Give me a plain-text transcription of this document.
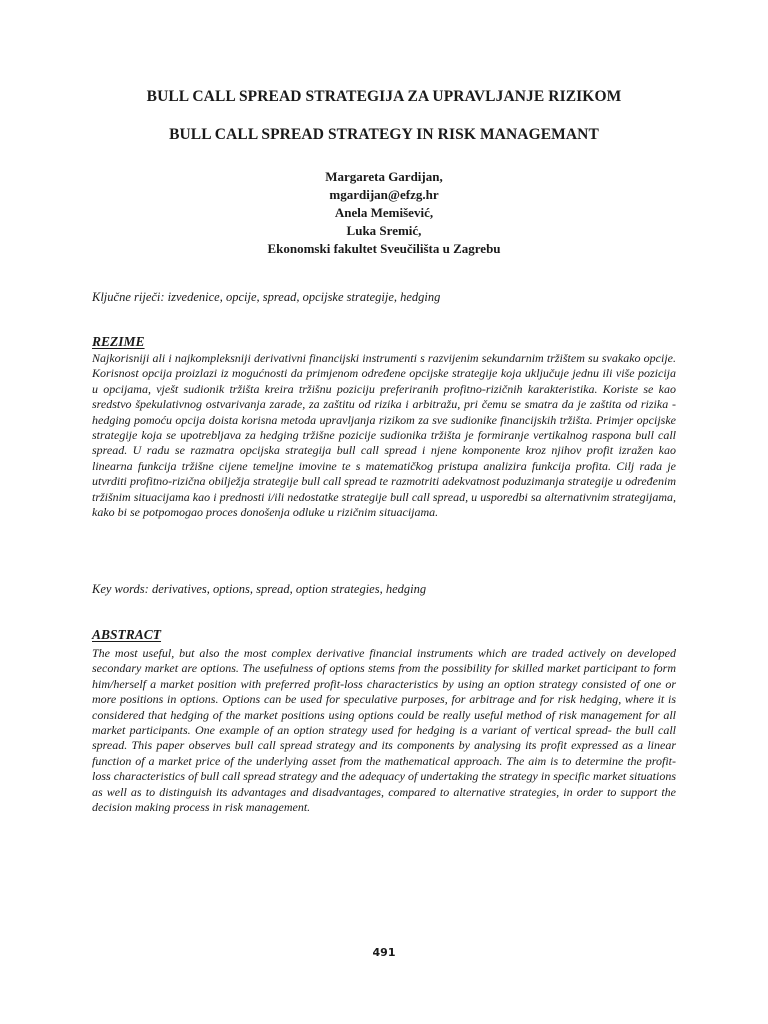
BULL CALL SPREAD STRATEGIJA ZA UPRAVLJANJE RIZIKOM
BULL CALL SPREAD STRATEGY IN RISK MANAGEMANT
Margareta Gardijan,
mgardijan@efzg.hr
Anela Memišević,
Luka Sremić,
Ekonomski fakultet Sveučilišta u Zagrebu
Ključne riječi: izvedenice, opcije, spread, opcijske strategije, hedging
REZIME

Najkorisniji ali i najkompleksniji derivativni financijski instrumenti s razvijenim sekundarnim tržištem su svakako opcije. Korisnost opcija proizlazi iz mogućnosti da primjenom određene opcijske strategije koja uključuje jednu ili više pozicija u opcijama, vješt sudionik tržišta kreira tržišnu poziciju preferiranih profitno-rizičnih karakteristika. Koriste se kao sredstvo špekulativnog ostvarivanja zarade, za zaštitu od rizika i arbitražu, pri čemu se smatra da je zaštita od rizika - hedging pomoću opcija doista korisna metoda upravljanja rizikom za sve sudionike financijskih tržišta. Primjer opcijske strategije koja se upotrebljava za hedging tržišne pozicije sudionika tržišta je formiranje vertikalnog raspona bull call spread. U radu se razmatra opcijska strategija bull call spread i njene komponente kroz njihov profit izražen kao linearna funkcija tržišne cijene temeljne imovine te s matematičkog pristupa analizira funkcija profita. Cilj rada je utvrditi profitno-rizična obilježja strategije bull call spread te razmotriti adekvatnost poduzimanja strategije u određenim tržišnim situacijama kao i prednosti i/ili nedostatke strategije bull call spread, u usporedbi sa alternativnim strategijama, kako bi se potpomogao proces donošenja odluke u rizičnim situacijama.

Key words: derivatives, options, spread, option strategies, hedging
ABSTRACT

The most useful, but also the most complex derivative financial instruments which are traded actively on developed secondary market are options. The usefulness of options stems from the possibility for skilled market participant to form him/herself a market position with preferred profit-loss characteristics by using an option strategy consisted of one or more positions in options. Options can be used for speculative purposes, for arbitrage and for risk hedging, where it is considered that hedging of the market positions using options could be really useful method of risk management for all market participants. One example of an option strategy used for hedging is a variant of vertical spread- the bull call spread. This paper observes bull call spread strategy and its components by analysing its profit expressed as a linear function of a market price of the underlying asset from the mathematical approach. The aim is to determine the profit-loss characteristics of bull call spread strategy and the adequacy of undertaking the strategy in specific market situations as well as to distinguish its advantages and disadvantages, compared to alternative strategies, in order to support the decision making process in risk management.

491
